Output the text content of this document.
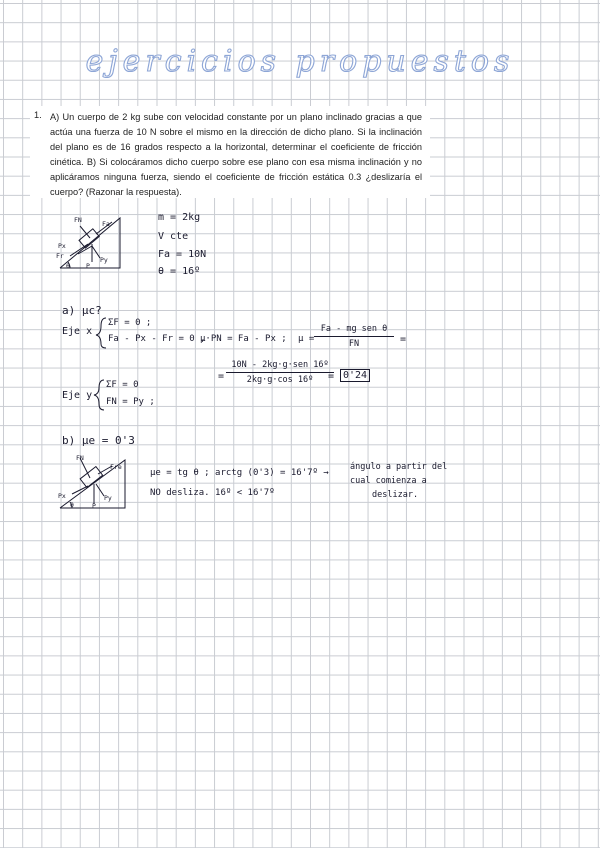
ejercicios propuestos
1. A) Un cuerpo de 2 kg sube con velocidad constante por un plano inclinado gracias a que actúa una fuerza de 10 N sobre el mismo en la dirección de dicho plano. Si la inclinación del plano es de 16 grados respecto a la horizontal, determinar el coeficiente de fricción cinética. B) Si colocáramos dicho cuerpo sobre ese plano con esa misma inclinación y no aplicáramos ninguna fuerza, siendo el coeficiente de fricción estática 0.3 ¿deslizaría el cuerpo? (Razonar la respuesta).

FN	Fa
Px
Fr
P
Py
θ
m = 2kg
V cte
Fa = 10N
θ = 16º
a) μc?
Eje x
ΣF = 0 ;
Fa - Px - Fr = 0 ,
μ·PN = Fa - Px ; μ =
Fa - mg sen θ
FN	=
=
10N - 2kg·g·sen 16º
2kg·g·cos 16º	= 0'24
Eje y
ΣF = 0
FN = Py ;
b) μe = 0'3
FN
Fre
Px
P
Py
θ
μe = tg θ ; arctg (0'3) = 16'7º →
NO desliza. 16º < 16'7º
ángulo a partir del
cual comienza a
deslizar.
